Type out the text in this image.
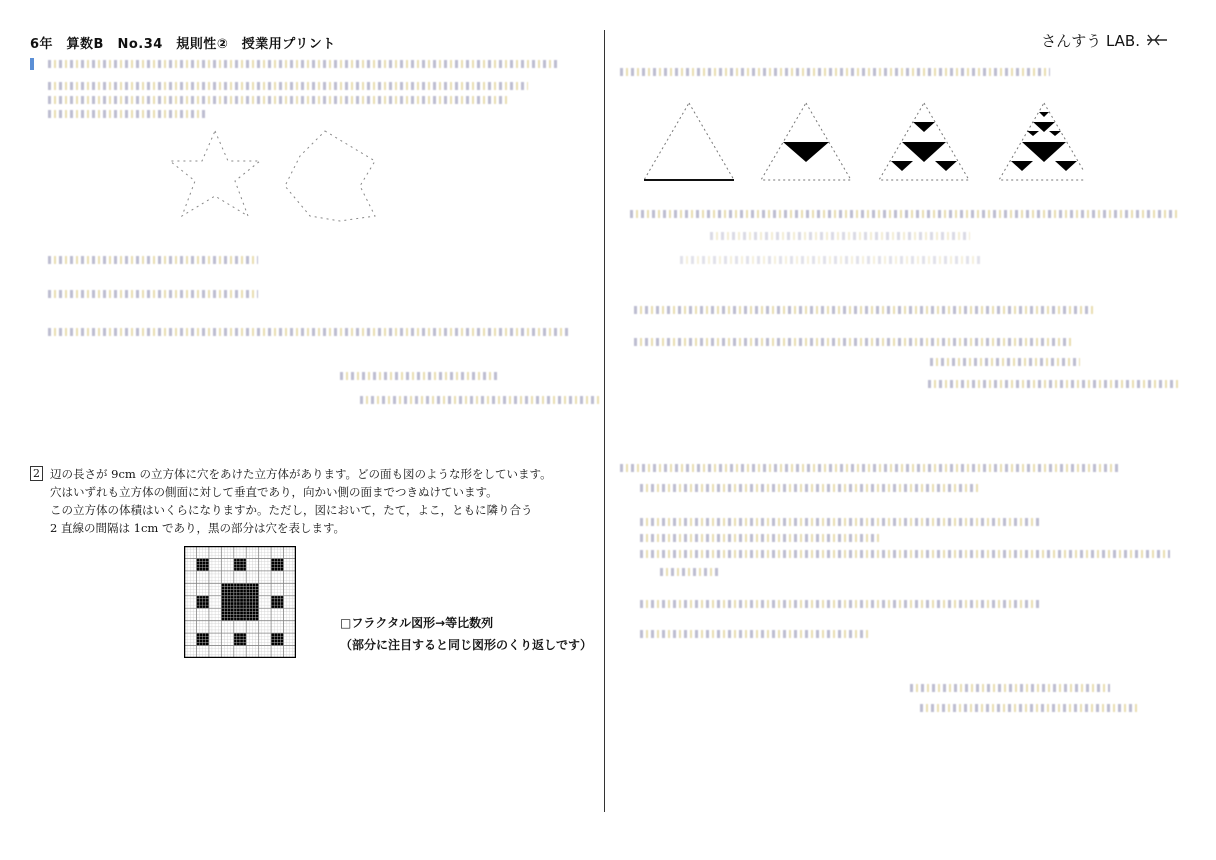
6年　算数B　No.34　規則性②　授業用プリント	さんすう LAB.
2 辺の長さが 9cm の立方体に穴をあけた立方体があります。どの面も図のような形をしています。
穴はいずれも立方体の側面に対して垂直であり，向かい側の面までつきぬけています。
この立方体の体積はいくらになりますか。ただし，図において，たて，よこ，ともに隣り合う
2 直線の間隔は 1cm であり，黒の部分は穴を表します。
□フラクタル図形→等比数列
（部分に注目すると同じ図形のくり返しです）
